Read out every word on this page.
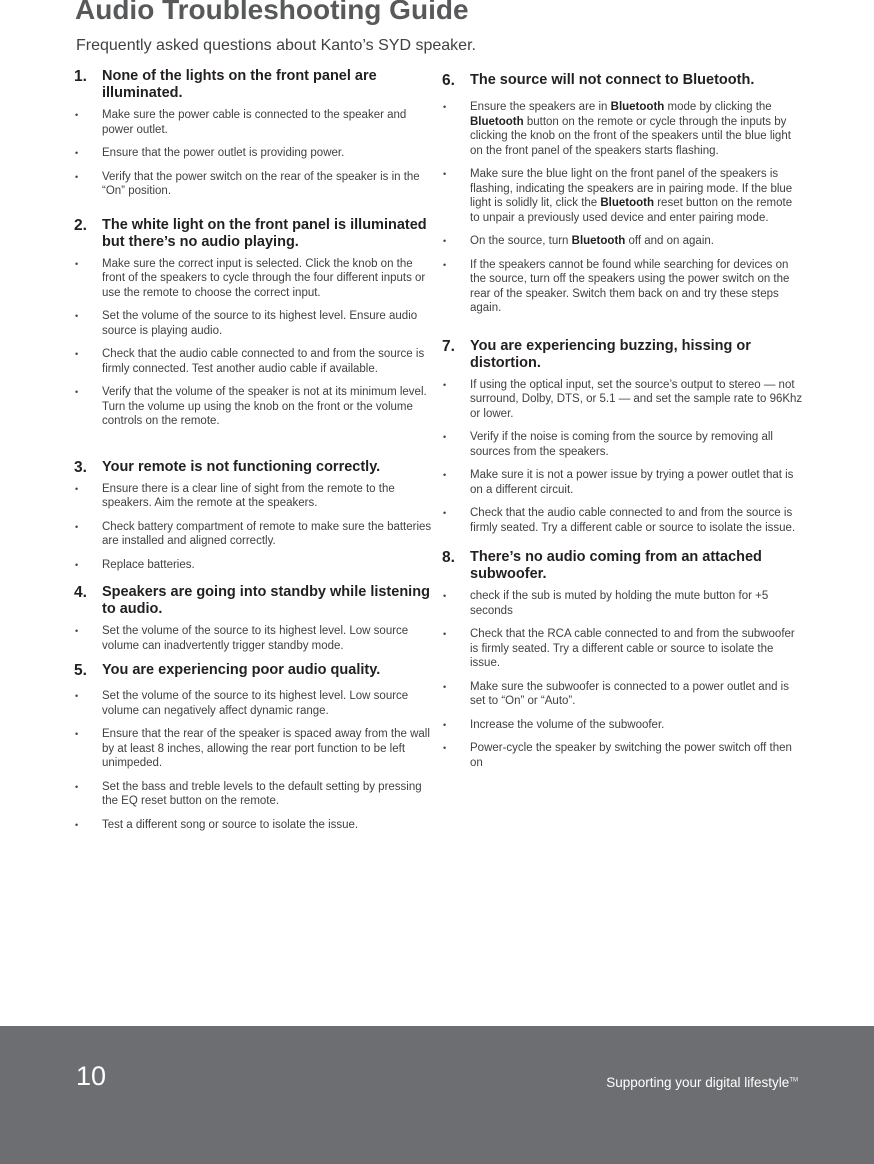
Audio Troubleshooting Guide
Frequently asked questions about Kanto’s SYD speaker.
1.	None of the lights on the front panel are illuminated.
•	Make sure the power cable is connected to the speaker and power outlet.
•	Ensure that the power outlet is providing power.
•	Verify that the power switch on the rear of the speaker is in the “On” position.
2.	The white light on the front panel is illuminated but there’s no audio playing.
•	Make sure the correct input is selected. Click the knob on the front of the speakers to cycle through the four different inputs or use the remote to choose the correct input.
•	Set the volume of the source to its highest level. Ensure audio source is playing audio.
•	Check that the audio cable connected to and from the source is firmly connected. Test another audio cable if available.
•	Verify that the volume of the speaker is not at its minimum level. Turn the volume up using the knob on the front or the volume controls on the remote.
3.	Your remote is not functioning correctly.
•	Ensure there is a clear line of sight from the remote to the speakers. Aim the remote at the speakers.
•	Check battery compartment of remote to make sure the batteries are installed and aligned correctly.
•	Replace batteries.
4.	Speakers are going into standby while listening to audio.
•	Set the volume of the source to its highest level. Low source volume can inadvertently trigger standby mode.
5.	You are experiencing poor audio quality.
•	Set the volume of the source to its highest level. Low source volume can negatively affect dynamic range.
•	Ensure that the rear of the speaker is spaced away from the wall by at least 8 inches, allowing the rear port function to be left unimpeded.
•	Set the bass and treble levels to the default setting by pressing the EQ reset button on the remote.
•	Test a different song or source to isolate the issue.
6.	The source will not connect to Bluetooth.
•	Ensure the speakers are in Bluetooth mode by clicking the Bluetooth button on the remote or cycle through the inputs by clicking the knob on the front of the speakers until the blue light on the front panel of the speakers starts flashing.
•	Make sure the blue light on the front panel of the speakers is flashing, indicating the speakers are in pairing mode. If the blue light is solidly lit, click the Bluetooth reset button on the remote to unpair a previously used device and enter pairing mode.
•	On the source, turn Bluetooth off and on again.
•	If the speakers cannot be found while searching for devices on the source, turn off the speakers using the power switch on the rear of the speaker. Switch them back on and try these steps again.
7.	You are experiencing buzzing, hissing or distortion.
•	If using the optical input, set the source’s output to stereo — not surround, Dolby, DTS, or 5.1 — and set the sample rate to 96Khz or lower.
•	Verify if the noise is coming from the source by removing all sources from the speakers.
•	Make sure it is not a power issue by trying a power outlet that is on a different circuit.
•	Check that the audio cable connected to and from the source is firmly seated. Try a different cable or source to isolate the issue.
8.	There’s no audio coming from an attached subwoofer.
•	check if the sub is muted by holding the mute button for +5 seconds
•	Check that the RCA cable connected to and from the subwoofer is firmly seated. Try a different cable or source to isolate the issue.
•	Make sure the subwoofer is connected to a power outlet and is set to “On” or “Auto”.
•	Increase the volume of the subwoofer.
•	Power-cycle the speaker by switching the power switch off then on
10	Supporting your digital lifestyle™
